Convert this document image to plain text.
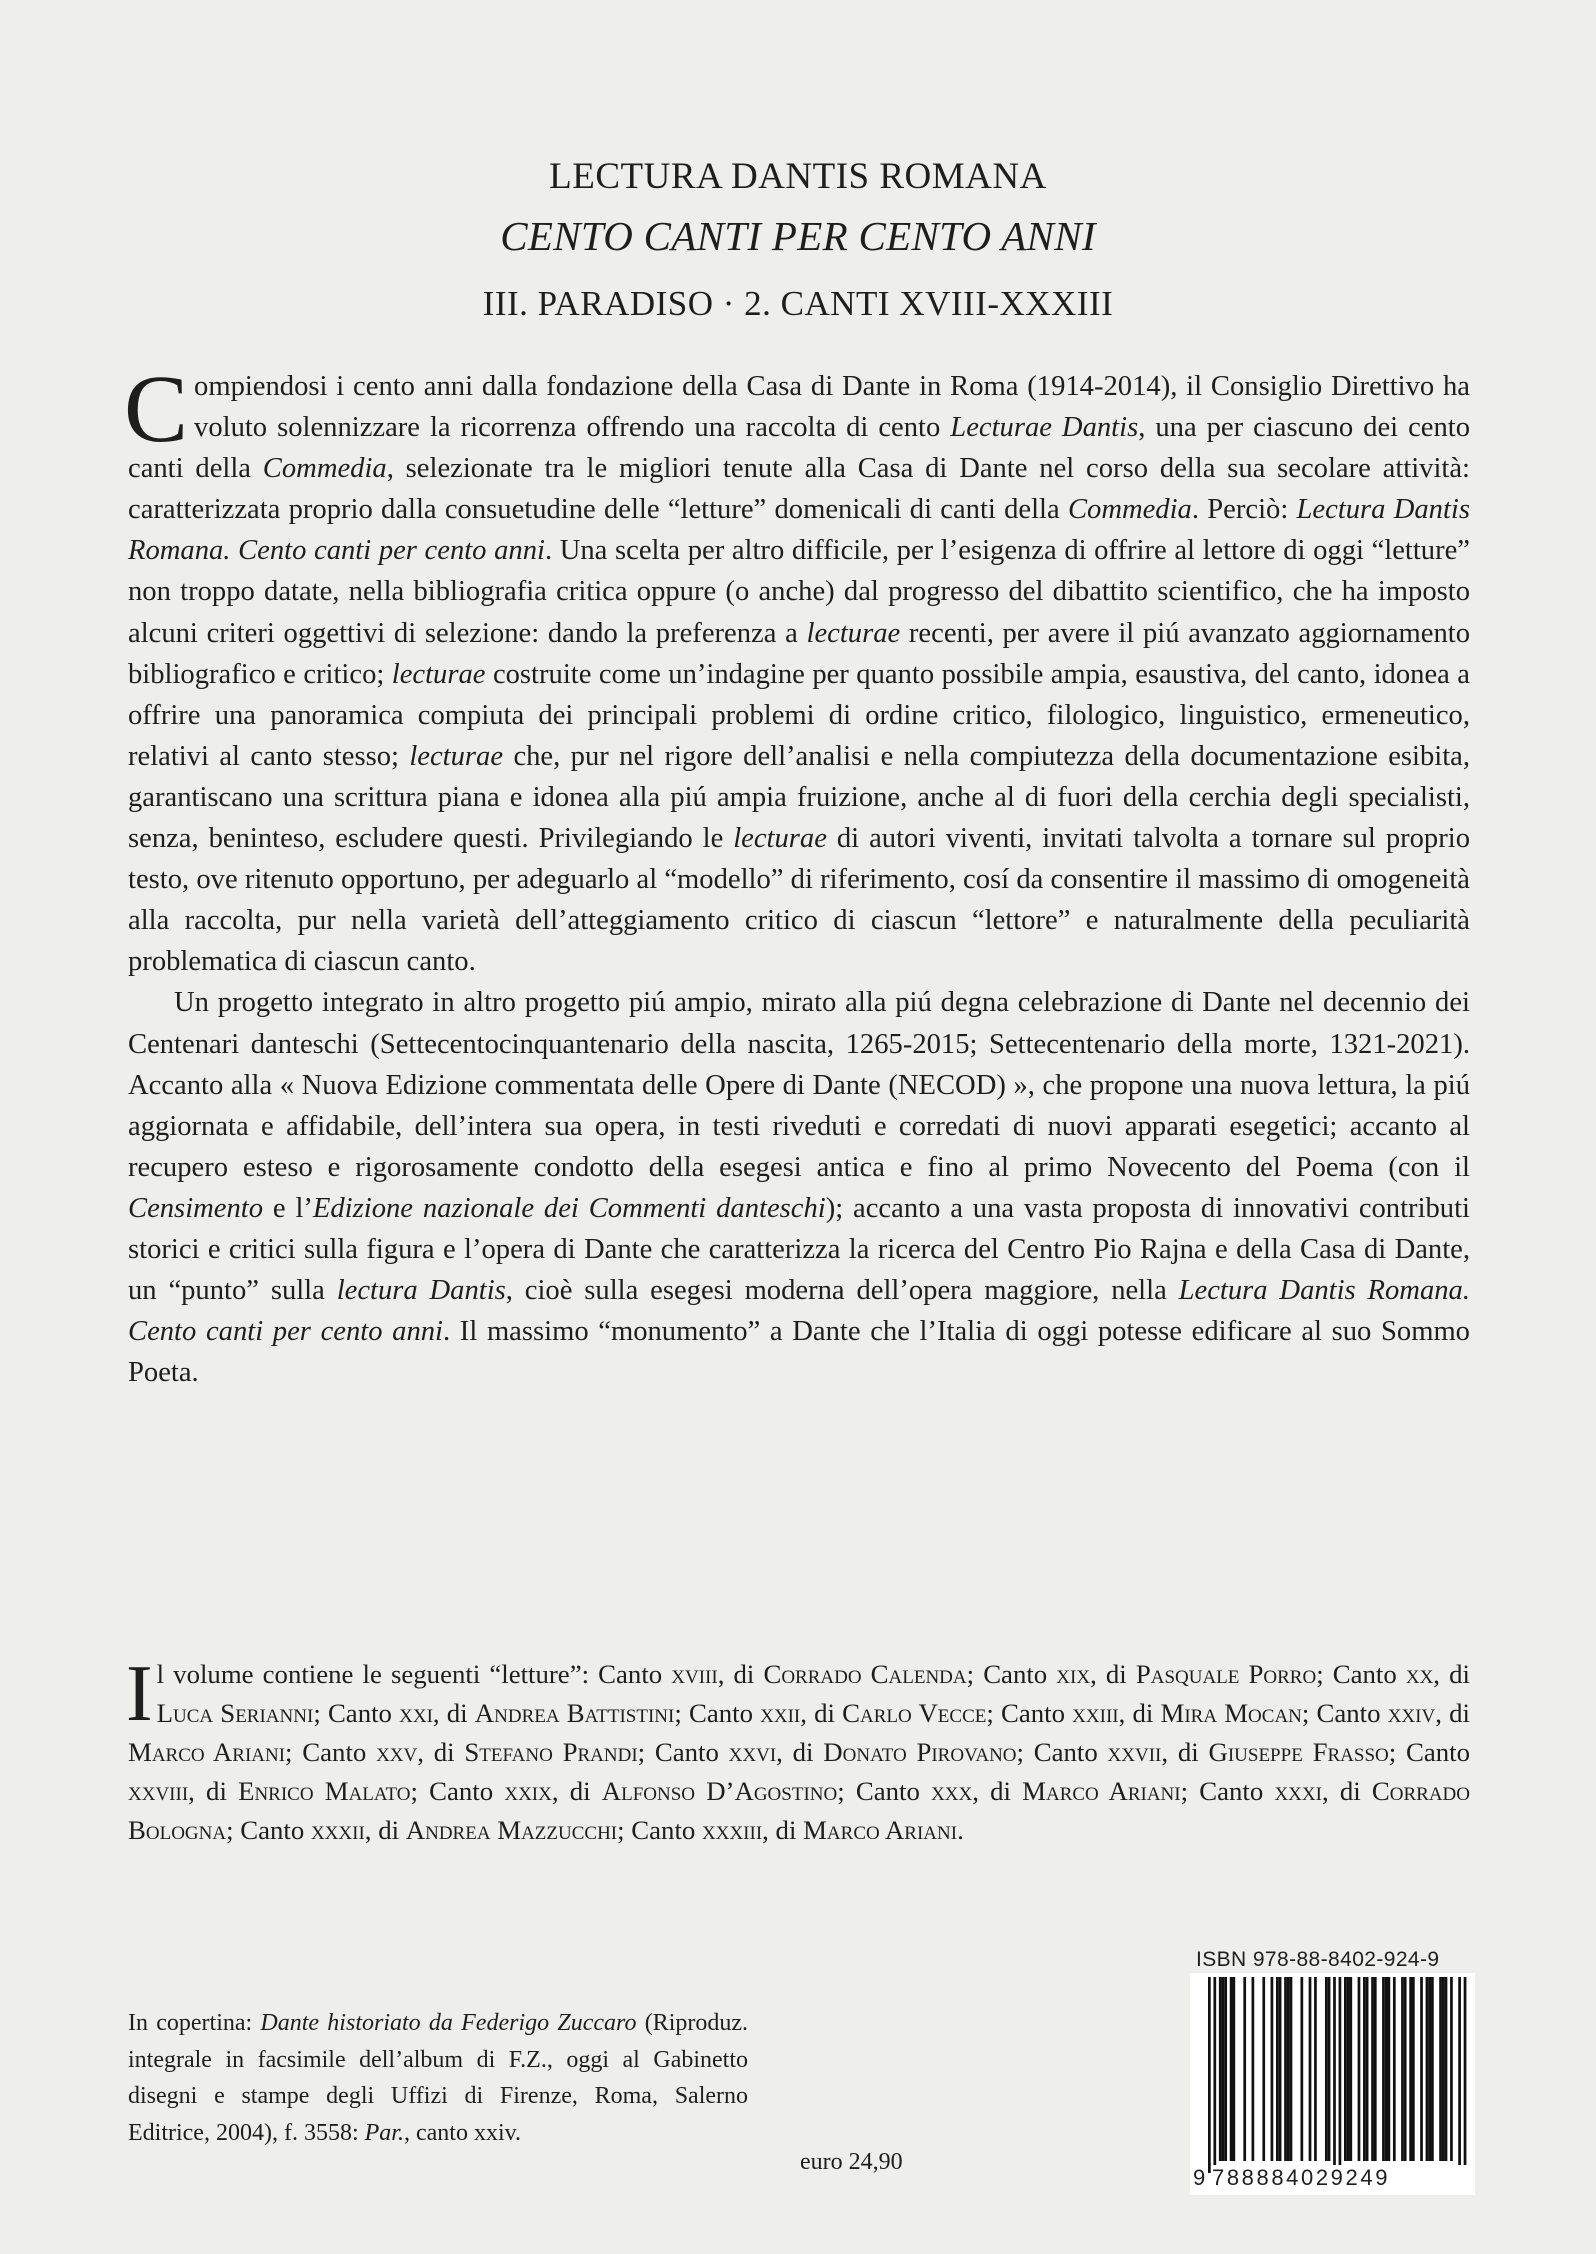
LECTURA DANTIS ROMANA
CENTO CANTI PER CENTO ANNI
III. PARADISO · 2. CANTI XVIII-XXXIII

Compiendosi i cento anni dalla fondazione della Casa di Dante in Roma (1914-2014), il Consiglio Direttivo ha voluto solennizzare la ricorrenza offrendo una raccolta di cento Lecturae Dantis, una per ciascuno dei cento canti della Commedia, selezionate tra le migliori tenute alla Casa di Dante nel corso della sua secolare attività: caratterizzata proprio dalla consuetudine delle “letture” domenicali di canti della Commedia. Perciò: Lectura Dantis Romana. Cento canti per cento anni. Una scelta per altro difficile, per l’esigenza di offrire al lettore di oggi “letture” non troppo datate, nella bibliografia critica oppure (o anche) dal progresso del dibattito scientifico, che ha imposto alcuni criteri oggettivi di selezione: dando la preferenza a lecturae recenti, per avere il piú avanzato aggiornamento bibliografico e critico; lecturae costruite come un’indagine per quanto possibile ampia, esaustiva, del canto, idonea a offrire una panoramica compiuta dei principali problemi di ordine critico, filologico, linguistico, ermeneutico, relativi al canto stesso; lecturae che, pur nel rigore dell’analisi e nella compiutezza della documentazione esibita, garantiscano una scrittura piana e idonea alla piú ampia fruizione, anche al di fuori della cerchia degli specialisti, senza, beninteso, escludere questi. Privilegiando le lecturae di autori viventi, invitati talvolta a tornare sul proprio testo, ove ritenuto opportuno, per adeguarlo al “modello” di riferimento, cosí da consentire il massimo di omogeneità alla raccolta, pur nella varietà dell’atteggiamento critico di ciascun “lettore” e naturalmente della peculiarità problematica di ciascun canto.

Un progetto integrato in altro progetto piú ampio, mirato alla piú degna celebrazione di Dante nel decennio dei Centenari danteschi (Settecentocinquantenario della nascita, 1265-2015; Settecentenario della morte, 1321-2021). Accanto alla « Nuova Edizione commentata delle Opere di Dante (NECOD) », che propone una nuova lettura, la piú aggiornata e affidabile, dell’intera sua opera, in testi riveduti e corredati di nuovi apparati esegetici; accanto al recupero esteso e rigorosamente condotto della esegesi antica e fino al primo Novecento del Poema (con il Censimento e l’Edizione nazionale dei Commenti danteschi); accanto a una vasta proposta di innovativi contributi storici e critici sulla figura e l’opera di Dante che caratterizza la ricerca del Centro Pio Rajna e della Casa di Dante, un “punto” sulla lectura Dantis, cioè sulla esegesi moderna dell’opera maggiore, nella Lectura Dantis Romana. Cento canti per cento anni. Il massimo “monumento” a Dante che l’Italia di oggi potesse edificare al suo Sommo Poeta.

Il volume contiene le seguenti “letture”: Canto xviii, di Corrado Calenda; Canto xix, di Pasquale Porro; Canto xx, di Luca Serianni; Canto xxi, di Andrea Battistini; Canto xxii, di Carlo Vecce; Canto xxiii, di Mira Mocan; Canto xxiv, di Marco Ariani; Canto xxv, di Stefano Prandi; Canto xxvi, di Donato Pirovano; Canto xxvii, di Giuseppe Frasso; Canto xxviii, di Enrico Malato; Canto xxix, di Alfonso D’Agostino; Canto xxx, di Marco Ariani; Canto xxxi, di Corrado Bologna; Canto xxxii, di Andrea Mazzucchi; Canto xxxiii, di Marco Ariani.
In copertina: Dante historiato da Federigo Zuccaro (Riproduz. integrale in facsimile dell’album di F.Z., oggi al Gabinetto disegni e stampe degli Uffizi di Firenze, Roma, Salerno Editrice, 2004), f. 3558: Par., canto xxiv.
euro 24,90
ISBN 978-88-8402-924-9
9 788884029249
